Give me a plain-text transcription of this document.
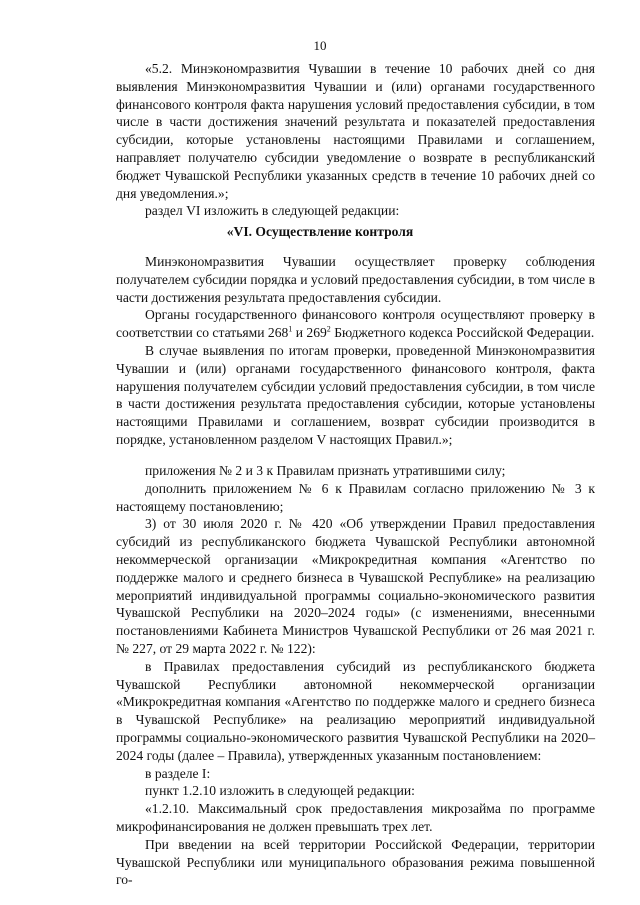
10

«5.2. Минэкономразвития Чувашии в течение 10 рабочих дней со дня выявления Минэкономразвития Чувашии и (или) органами государственного финансового контроля факта нарушения условий предоставления субсидии, в том числе в части достижения значений результата и показателей предоставления субсидии, которые установлены настоящими Правилами и соглашением, направляет получателю субсидии уведомление о возврате в республиканский бюджет Чувашской Республики указанных средств в течение 10 рабочих дней со дня уведомления.»;

раздел VI изложить в следующей редакции:

«VI. Осуществление контроля

Минэкономразвития Чувашии осуществляет проверку соблюдения получателем субсидии порядка и условий предоставления субсидии, в том числе в части достижения результата предоставления субсидии.

Органы государственного финансового контроля осуществляют проверку в соответствии со статьями $268^1$ и $269^2$ Бюджетного кодекса Российской Федерации.

В случае выявления по итогам проверки, проведенной Минэкономразвития Чувашии и (или) органами государственного финансового контроля, факта нарушения получателем субсидии условий предоставления субсидии, в том числе в части достижения результата предоставления субсидии, которые установлены настоящими Правилами и соглашением, возврат субсидии производится в порядке, установленном разделом V настоящих Правил.»;

приложения № 2 и 3 к Правилам признать утратившими силу;

дополнить приложением № 6 к Правилам согласно приложению № 3 к настоящему постановлению;

3) от 30 июля 2020 г. № 420 «Об утверждении Правил предоставления субсидий из республиканского бюджета Чувашской Республики автономной некоммерческой организации «Микрокредитная компания «Агентство по поддержке малого и среднего бизнеса в Чувашской Республике» на реализацию мероприятий индивидуальной программы социально-экономического развития Чувашской Республики на 2020–2024 годы» (с изменениями, внесенными постановлениями Кабинета Министров Чувашской Республики от 26 мая 2021 г. № 227, от 29 марта 2022 г. № 122):

в Правилах предоставления субсидий из республиканского бюджета Чувашской Республики автономной некоммерческой организации «Микрокредитная компания «Агентство по поддержке малого и среднего бизнеса в Чувашской Республике» на реализацию мероприятий индивидуальной программы социально-экономического развития Чувашской Республики на 2020–2024 годы (далее – Правила), утвержденных указанным постановлением:

в разделе I:

пункт 1.2.10 изложить в следующей редакции:

«1.2.10. Максимальный срок предоставления микрозайма по программе микрофинансирования не должен превышать трех лет.

При введении на всей территории Российской Федерации, территории Чувашской Республики или муниципального образования режима повышенной го-
